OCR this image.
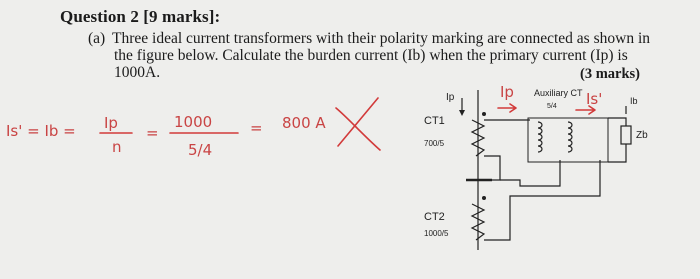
Question 2 [9 marks]:
(a) Three ideal current transformers with their polarity marking are connected as shown in
the figure below. Calculate the burden current (Ib) when the primary current (Ip) is
1000A.	(3 marks)
Is' = Ib = Ip
n
=
1000
5/4
= 800 A
Ip	Is'
Ip
CT1
700/5
CT2
1000/5
Auxiliary CT
5/4
Ib
Zb
